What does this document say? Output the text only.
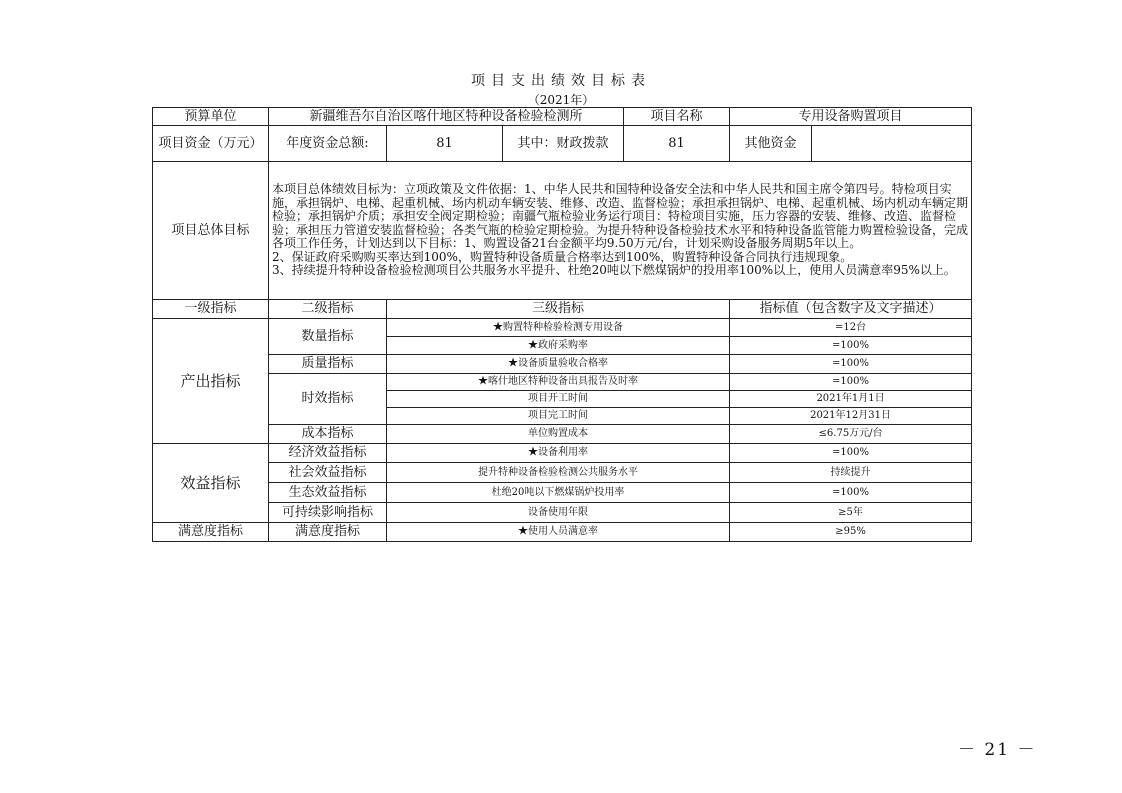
项目支出绩效目标表
（2021年）
预算单位	新疆维吾尔自治区喀什地区特种设备检验检测所			项目名称	专用设备购置项目	
项目资金（万元）	年度资金总额:	81	其中：财政拨款	81	其他资金	
项目总体目标	本项目总体绩效目标为：立项政策及文件依据：1、中华人民共和国特种设备安全法和中华人民共和国主席令第四号。特检项目实施，承担锅炉、电梯、起重机械、场内机动车辆安装、维修、改造、监督检验；承担承担锅炉、电梯、起重机械、场内机动车辆定期检验；承担锅炉介质；承担安全阀定期检验；南疆气瓶检验业务运行项目：特检项目实施，压力容器的安装、维修、改造、监督检验；承担压力管道安装监督检验；各类气瓶的检验定期检验。为提升特种设备检验技术水平和特种设备监管能力购置检验设备，完成各项工作任务，计划达到以下目标：1、购置设备21台金额平均9.50万元/台，计划采购设备服务周期5年以上。
2、保证政府采购购买率达到100%，购置特种设备质量合格率达到100%，购置特种设备合同执行违规现象。
3、持续提升特种设备检验检测项目公共服务水平提升、杜绝20吨以下燃煤锅炉的投用率100%以上，使用人员满意率95%以上。					

一级指标	二级指标	三级指标			指标值（包含数字及文字描述）	
产出指标	数量指标	★购置特种检验检测专用设备			=12台	
		★政府采购率			=100%	
	质量指标	★设备质量验收合格率			=100%	
	时效指标	★喀什地区特种设备出具报告及时率			=100%	
		项目开工时间			2021年1月1日	
		项目完工时间			2021年12月31日	
	成本指标	单位购置成本			≤6.75万元/台	
效益指标	经济效益指标	★设备利用率			=100%	
	社会效益指标	提升特种设备检验检测公共服务水平			持续提升	
	生态效益指标	杜绝20吨以下燃煤锅炉投用率			=100%	
	可持续影响指标	设备使用年限			≥5年	
满意度指标	满意度指标	★使用人员满意率			≥95%	
－ 21 －
